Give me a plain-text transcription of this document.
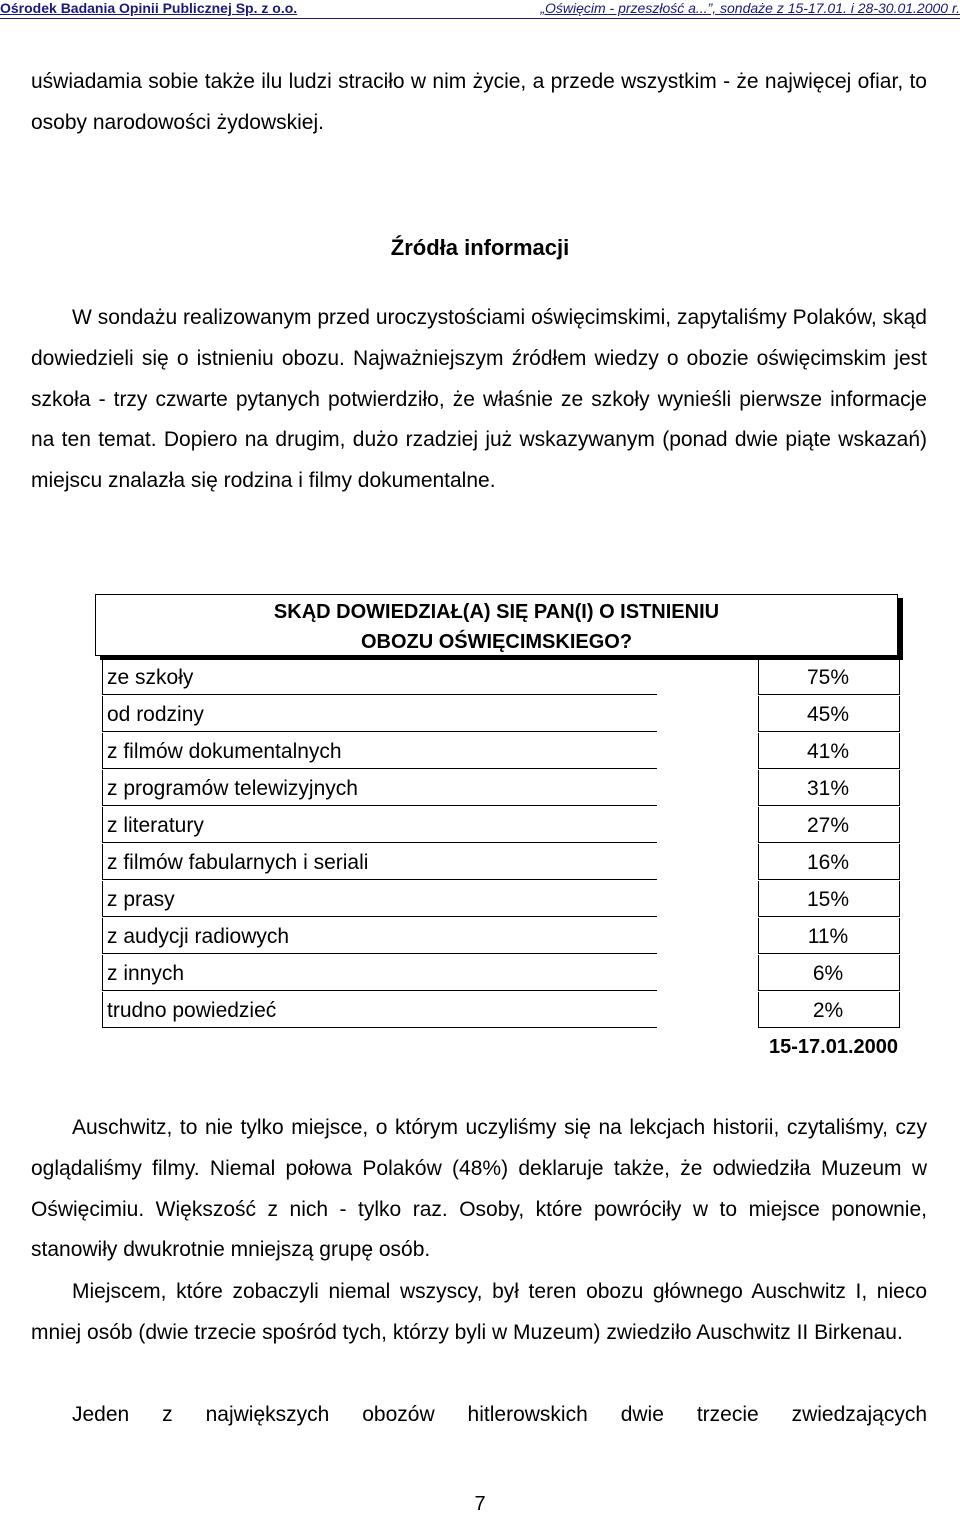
Ośrodek Badania Opinii Publicznej Sp. z o.o.	„Oświęcim - przeszłość a...”, sondaże z 15-17.01. i 28-30.01.2000 r.

uświadamia sobie także ilu ludzi straciło w nim życie, a przede wszystkim - że najwięcej ofiar, to osoby narodowości żydowskiej.

Źródła informacji

W sondażu realizowanym przed uroczystościami oświęcimskimi, zapytaliśmy Polaków, skąd dowiedzieli się o istnieniu obozu. Najważniejszym źródłem wiedzy o obozie oświęcimskim jest szkoła - trzy czwarte pytanych potwierdziło, że właśnie ze szkoły wynieśli pierwsze informacje na ten temat. Dopiero na drugim, dużo rzadziej już wskazywanym (ponad dwie piąte wskazań) miejscu znalazła się rodzina i filmy dokumentalne.

SKĄD DOWIEDZIAŁ(A) SIĘ PAN(I) O ISTNIENIU
OBOZU OŚWIĘCIMSKIEGO?
ze szkoły	75%
od rodziny	45%
z filmów dokumentalnych	41%
z programów telewizyjnych	31%
z literatury	27%
z filmów fabularnych i seriali	16%
z prasy	15%
z audycji radiowych	11%
z innych	6%
trudno powiedzieć	2%
15-17.01.2000

Auschwitz, to nie tylko miejsce, o którym uczyliśmy się na lekcjach historii, czytaliśmy, czy oglądaliśmy filmy. Niemal połowa Polaków (48%) deklaruje także, że odwiedziła Muzeum w Oświęcimiu. Większość z nich - tylko raz. Osoby, które powróciły w to miejsce ponownie, stanowiły dwukrotnie mniejszą grupę osób.

Miejscem, które zobaczyli niemal wszyscy, był teren obozu głównego Auschwitz I, nieco mniej osób (dwie trzecie spośród tych, którzy byli w Muzeum) zwiedziło Auschwitz II Birkenau.

Jeden z największych obozów hitlerowskich dwie trzecie zwiedzających

7
